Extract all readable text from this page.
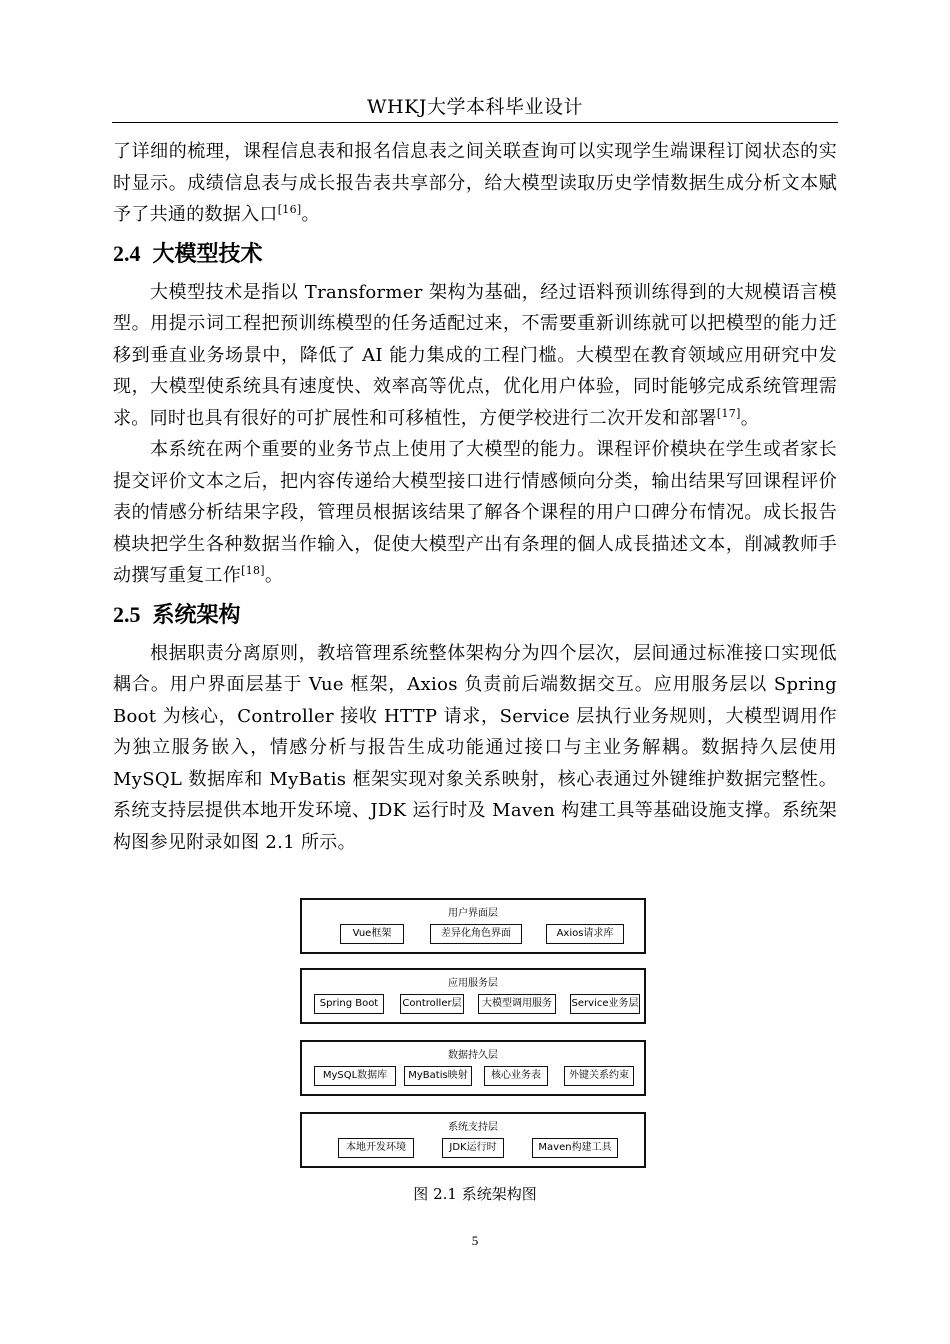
WHKJ大学本科毕业设计

了详细的梳理，课程信息表和报名信息表之间关联查询可以实现学生端课程订阅状态的实时显示。成绩信息表与成长报告表共享部分，给大模型读取历史学情数据生成分析文本赋予了共通的数据入口[16]。

2.4 大模型技术

大模型技术是指以 Transformer 架构为基础，经过语料预训练得到的大规模语言模型。用提示词工程把预训练模型的任务适配过来，不需要重新训练就可以把模型的能力迁移到垂直业务场景中，降低了 AI 能力集成的工程门槛。大模型在教育领域应用研究中发现，大模型使系统具有速度快、效率高等优点，优化用户体验，同时能够完成系统管理需求。同时也具有很好的可扩展性和可移植性，方便学校进行二次开发和部署[17]。

本系统在两个重要的业务节点上使用了大模型的能力。课程评价模块在学生或者家长提交评价文本之后，把内容传递给大模型接口进行情感倾向分类，输出结果写回课程评价表的情感分析结果字段，管理员根据该结果了解各个课程的用户口碑分布情况。成长报告模块把学生各种数据当作输入，促使大模型产出有条理的個人成長描述文本，削减教师手动撰写重复工作[18]。

2.5 系统架构

根据职责分离原则，教培管理系统整体架构分为四个层次，层间通过标准接口实现低耦合。用户界面层基于 Vue 框架，Axios 负责前后端数据交互。应用服务层以 Spring Boot 为核心，Controller 接收 HTTP 请求，Service 层执行业务规则，大模型调用作为独立服务嵌入，情感分析与报告生成功能通过接口与主业务解耦。数据持久层使用 MySQL 数据库和 MyBatis 框架实现对象关系映射，核心表通过外键维护数据完整性。系统支持层提供本地开发环境、JDK 运行时及 Maven 构建工具等基础设施支撑。系统架构图参见附录如图 2.1 所示。

用户界面层
Vue框架	差异化角色界面	Axios请求库
应用服务层
Spring Boot	Controller层	大模型调用服务	Service业务层
数据持久层
MySQL数据库	MyBatis映射	核心业务表	外键关系约束
系统支持层
本地开发环境	JDK运行时	Maven构建工具
图 2.1 系统架构图
5
